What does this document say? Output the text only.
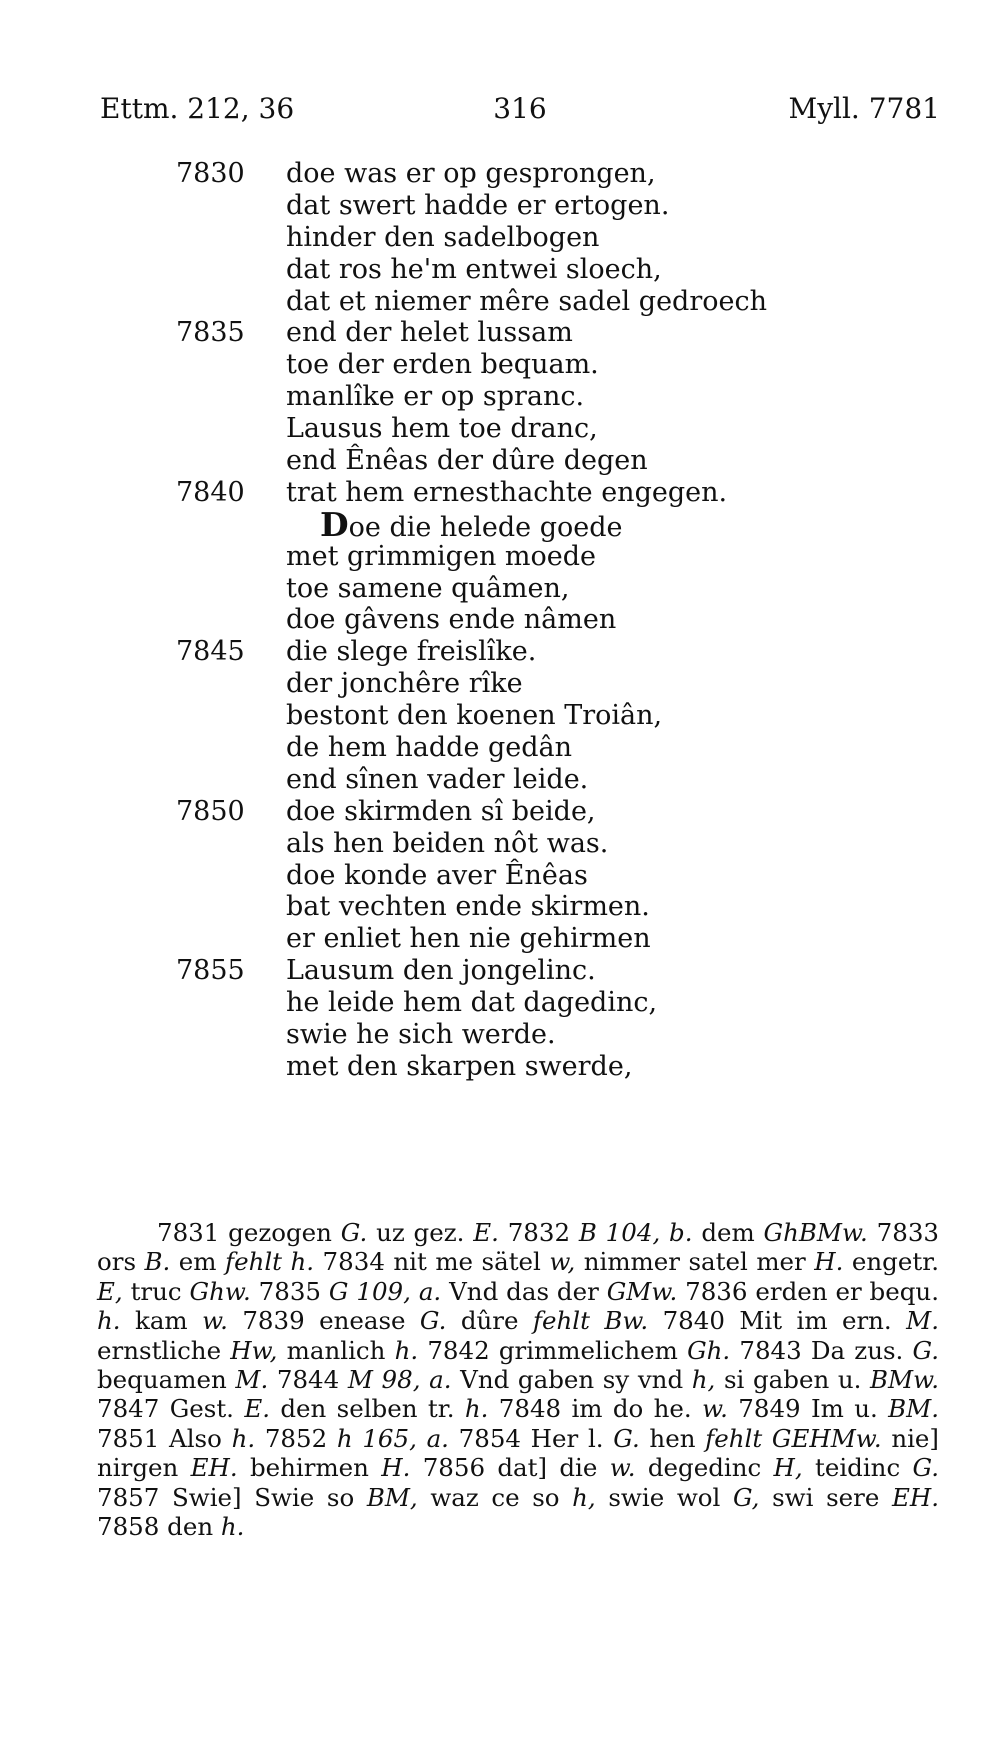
316
Ettm. 212, 36	Myll. 7781
7830 doe was er op gesprongen,
dat swert hadde er ertogen.
hinder den sadelbogen
dat ros he'm entwei sloech,
dat et niemer mêre sadel gedroech
7835 end der helet lussam
toe der erden bequam.
manlîke er op spranc.
Lausus hem toe dranc,
end Ênêas der dûre degen
7840 trat hem ernesthachte engegen.
Doe die helede goede
met grimmigen moede
toe samene quâmen,
doe gâvens ende nâmen
7845 die slege freislîke.
der jonchêre rîke
bestont den koenen Troiân,
de hem hadde gedân
end sînen vader leide.
7850 doe skirmden sî beide,
als hen beiden nôt was.
doe konde aver Ênêas
bat vechten ende skirmen.
er enliet hen nie gehirmen
7855 Lausum den jongelinc.
he leide hem dat dagedinc,
swie he sich werde.
met den skarpen swerde,
7831 gezogen G. uz gez. E. 7832 B 104, b. dem GhBMw. 7833 ors B. em fehlt h. 7834 nit me sätel w, nimmer satel mer H. engetr. E, truc Ghw. 7835 G 109, a. Vnd das der GMw. 7836 erden er bequ. h. kam w. 7839 enease G. dûre fehlt Bw. 7840 Mit im ern. M. ernstliche Hw, manlich h. 7842 grimmelichem Gh. 7843 Da zus. G. bequamen M. 7844 M 98, a. Vnd gaben sy vnd h, si gaben u. BMw. 7847 Gest. E. den selben tr. h. 7848 im do he. w. 7849 Im u. BM. 7851 Also h. 7852 h 165, a. 7854 Her l. G. hen fehlt GEHMw. nie] nirgen EH. behirmen H. 7856 dat] die w. degedinc H, teidinc G. 7857 Swie] Swie so BM, waz ce so h, swie wol G, swi sere EH. 7858 den h.
